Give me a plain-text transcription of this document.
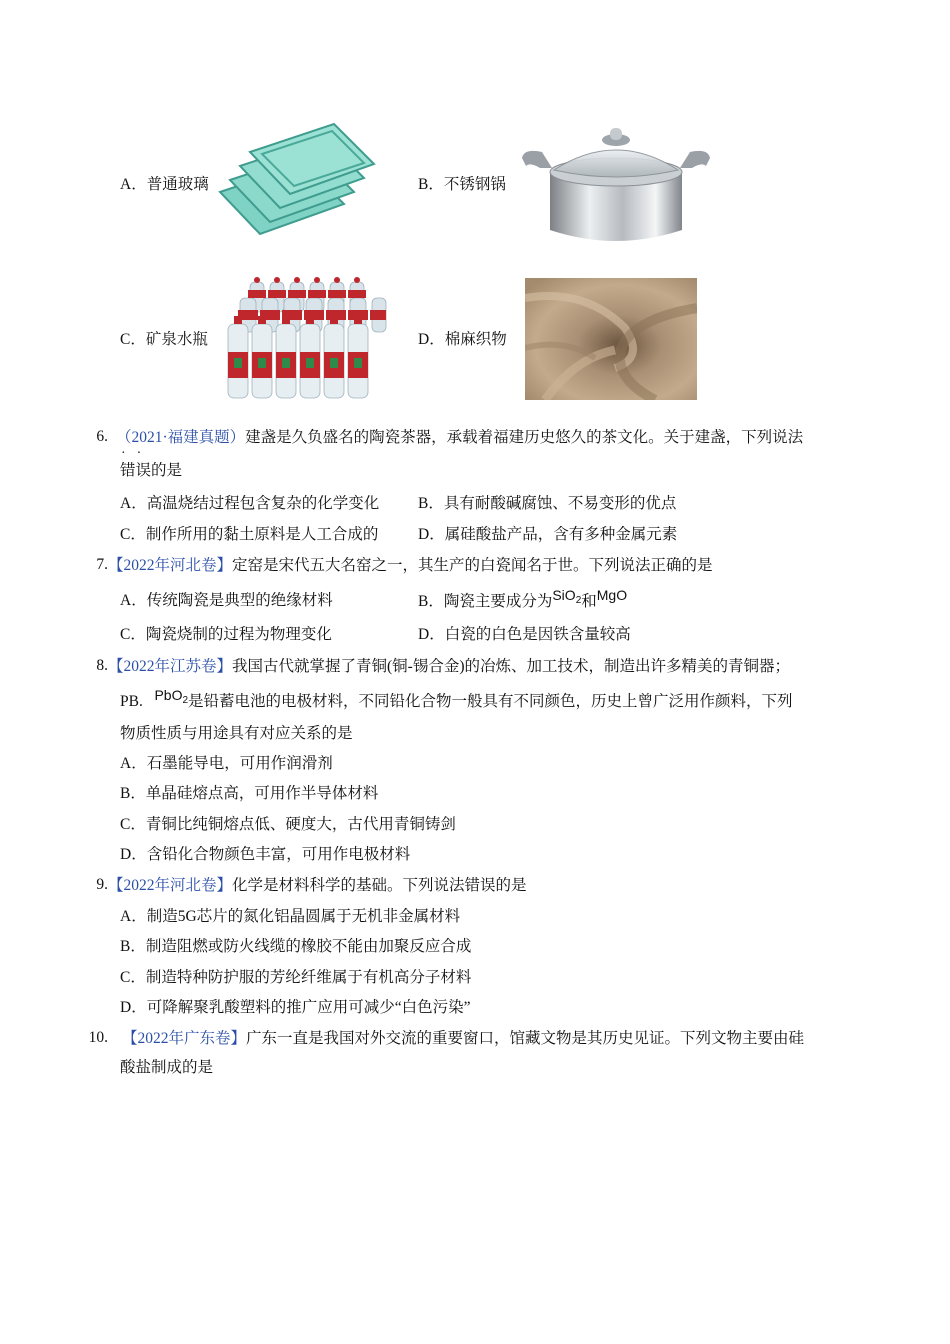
A．普通玻璃	B．不锈钢锅
C．矿泉水瓶	D．棉麻织物
6. （2021·福建真题）建盏是久负盛名的陶瓷茶器，承载着福建历史悠久的茶文化。关于建盏，下列说法
··
错误的是
A．高温烧结过程包含复杂的化学变化	B．具有耐酸碱腐蚀、不易变形的优点
C．制作所用的黏土原料是人工合成的	D．属硅酸盐产品，含有多种金属元素
7. 【2022年河北卷】定窑是宋代五大名窑之一，其生产的白瓷闻名于世。下列说法正确的是
A．传统陶瓷是典型的绝缘材料	B．陶瓷主要成分为SiO$_2$和MgO
C．陶瓷烧制的过程为物理变化	D．白瓷的白色是因铁含量较高
8. 【2022年江苏卷】我国古代就掌握了青铜(铜-锡合金)的冶炼、加工技术，制造出许多精美的青铜器；
PB. PbO$_2$是铅蓄电池的电极材料，不同铅化合物一般具有不同颜色，历史上曾广泛用作颜料，下列
物质性质与用途具有对应关系的是
A．石墨能导电，可用作润滑剂
B．单晶硅熔点高，可用作半导体材料
C．青铜比纯铜熔点低、硬度大，古代用青铜铸剑
D．含铅化合物颜色丰富，可用作电极材料
9. 【2022年河北卷】化学是材料科学的基础。下列说法错误的是
A．制造5G芯片的氮化铝晶圆属于无机非金属材料
B．制造阻燃或防火线缆的橡胶不能由加聚反应合成
C．制造特种防护服的芳纶纤维属于有机高分子材料
D．可降解聚乳酸塑料的推广应用可减少“白色污染”
10. 【2022年广东卷】广东一直是我国对外交流的重要窗口，馆藏文物是其历史见证。下列文物主要由硅
酸盐制成的是
